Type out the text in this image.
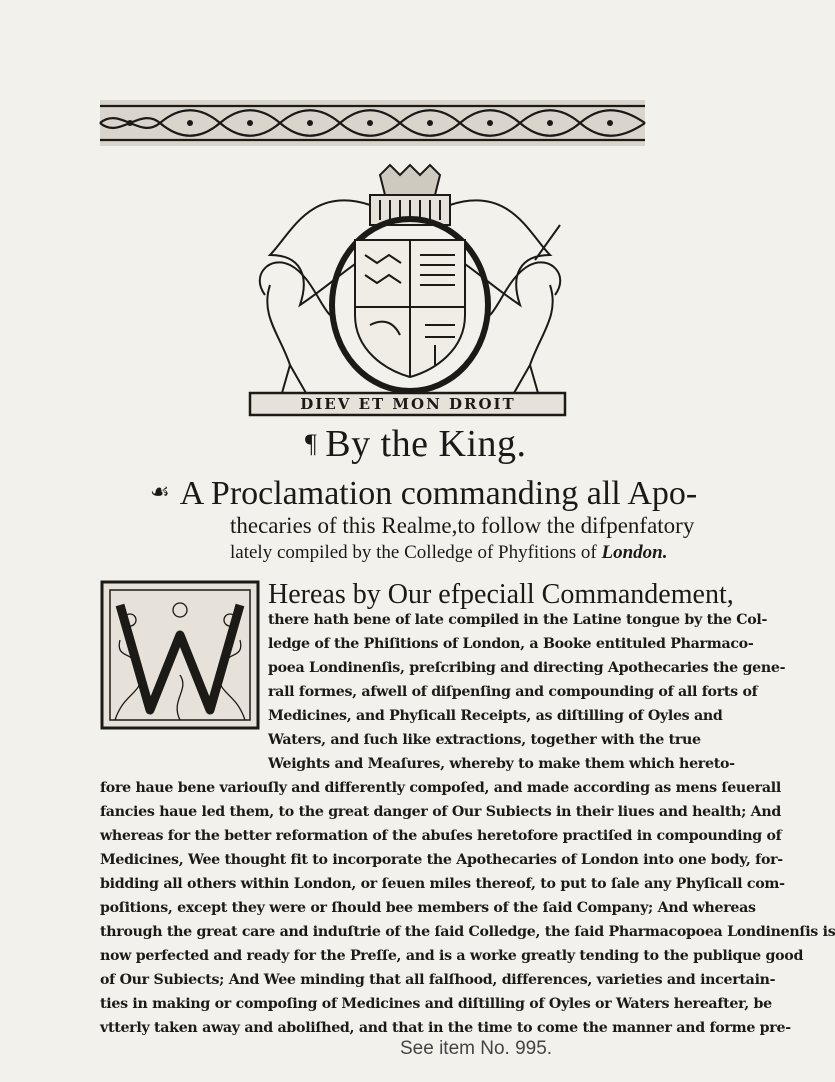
DIEV ET MON DROIT
¶ By the King.
☙ A Proclamation commanding all Apo-
thecaries of this Realme,to follow the difpenfatory
lately compiled by the Colledge of Phyfitions of London.
Hereas by Our efpeciall Commandement,
there hath bene of late compiled in the Latine tongue by the Col-
ledge of the Phiſitions of London, a Booke entituled Pharmaco-
poea Londinenſis, preſcribing and directing Apothecaries the gene-
rall formes, afwell of diſpenſing and compounding of all forts of
Medicines, and Phyſicall Receipts, as diſtilling of Oyles and
Waters, and ſuch like extractions, together with the true
Weights and Meaſures, whereby to make them which hereto-
fore haue bene variouſly and differently compoſed, and made according as mens ſeuerall
fancies haue led them, to the great danger of Our Subiects in their liues and health; And
whereas for the better reformation of the abuſes heretofore practiſed in compounding of
Medicines, Wee thought fit to incorporate the Apothecaries of London into one body, for-
bidding all others within London, or ſeuen miles thereof, to put to ſale any Phyſicall com-
poſitions, except they were or ſhould bee members of the ſaid Company; And whereas
through the great care and induſtrie of the ſaid Colledge, the ſaid Pharmacopoea Londinenſis is
now perfected and ready for the Preſſe, and is a worke greatly tending to the publique good
of Our Subiects; And Wee minding that all falſhood, differences, varieties and incertain-
ties in making or compoſing of Medicines and diſtilling of Oyles or Waters hereafter, be
vtterly taken away and aboliſhed, and that in the time to come the manner and forme pre-
See item No. 995.
